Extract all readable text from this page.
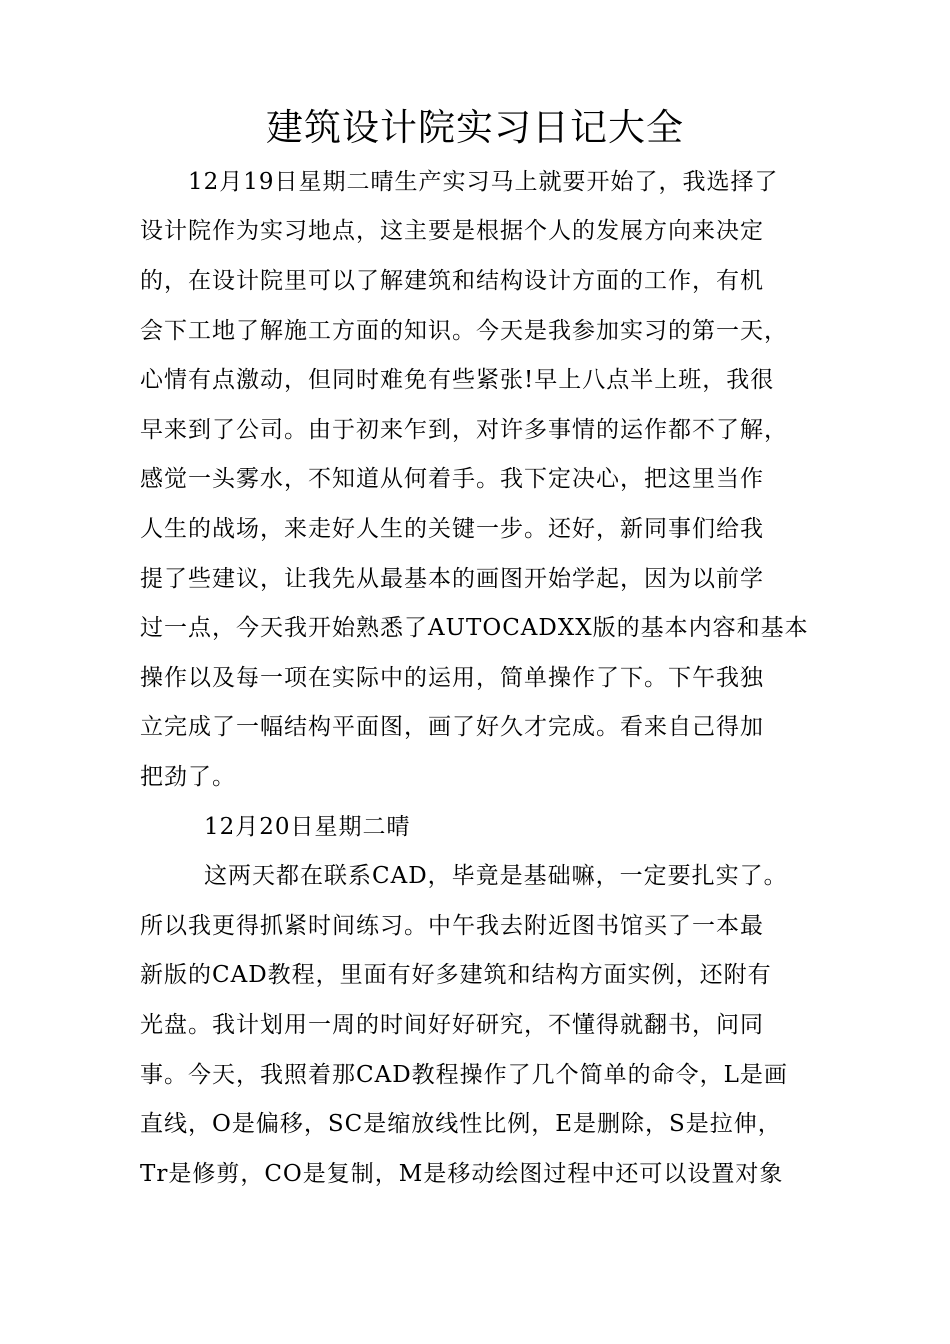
建筑设计院实习日记大全
12月19日星期二晴生产实习马上就要开始了，我选择了
设计院作为实习地点，这主要是根据个人的发展方向来决定
的，在设计院里可以了解建筑和结构设计方面的工作，有机
会下工地了解施工方面的知识。今天是我参加实习的第一天，
心情有点激动，但同时难免有些紧张!早上八点半上班，我很
早来到了公司。由于初来乍到，对许多事情的运作都不了解，
感觉一头雾水，不知道从何着手。我下定决心，把这里当作
人生的战场，来走好人生的关键一步。还好，新同事们给我
提了些建议，让我先从最基本的画图开始学起，因为以前学
过一点，今天我开始熟悉了AUTOCADXX版的基本内容和基本
操作以及每一项在实际中的运用，简单操作了下。下午我独
立完成了一幅结构平面图，画了好久才完成。看来自己得加
把劲了。
12月20日星期二晴
这两天都在联系CAD，毕竟是基础嘛，一定要扎实了。
所以我更得抓紧时间练习。中午我去附近图书馆买了一本最
新版的CAD教程，里面有好多建筑和结构方面实例，还附有
光盘。我计划用一周的时间好好研究，不懂得就翻书，问同
事。今天，我照着那CAD教程操作了几个简单的命令，L是画
直线，O是偏移，SC是缩放线性比例，E是删除，S是拉伸，
Tr是修剪，CO是复制，M是移动绘图过程中还可以设置对象
